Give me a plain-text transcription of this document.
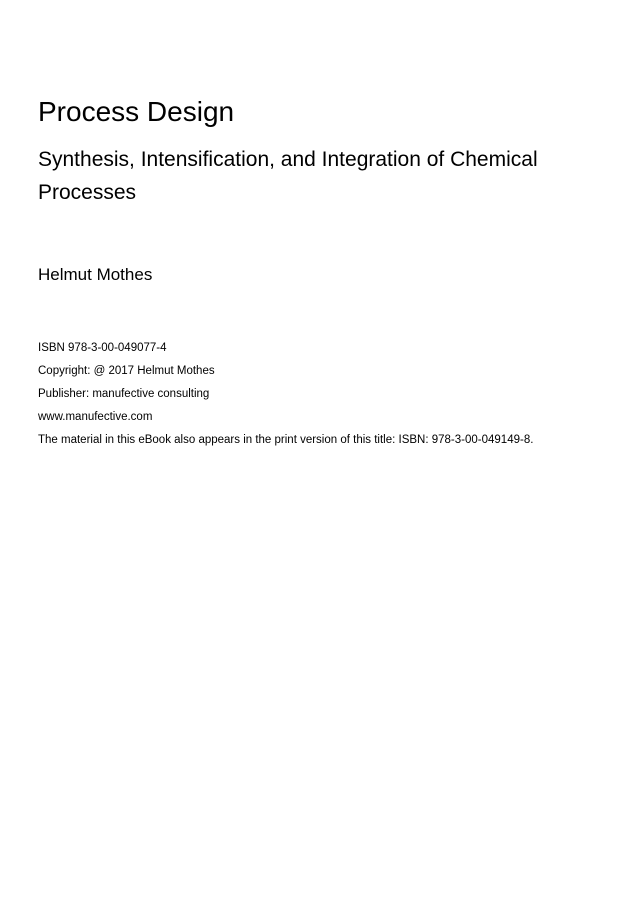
Process Design
Synthesis, Intensification, and Integration of Chemical Processes

Helmut Mothes

ISBN 978-3-00-049077-4

Copyright: @ 2017 Helmut Mothes

Publisher: manufective consulting

www.manufective.com

The material in this eBook also appears in the print version of this title: ISBN: 978-3-00-049149-8.
